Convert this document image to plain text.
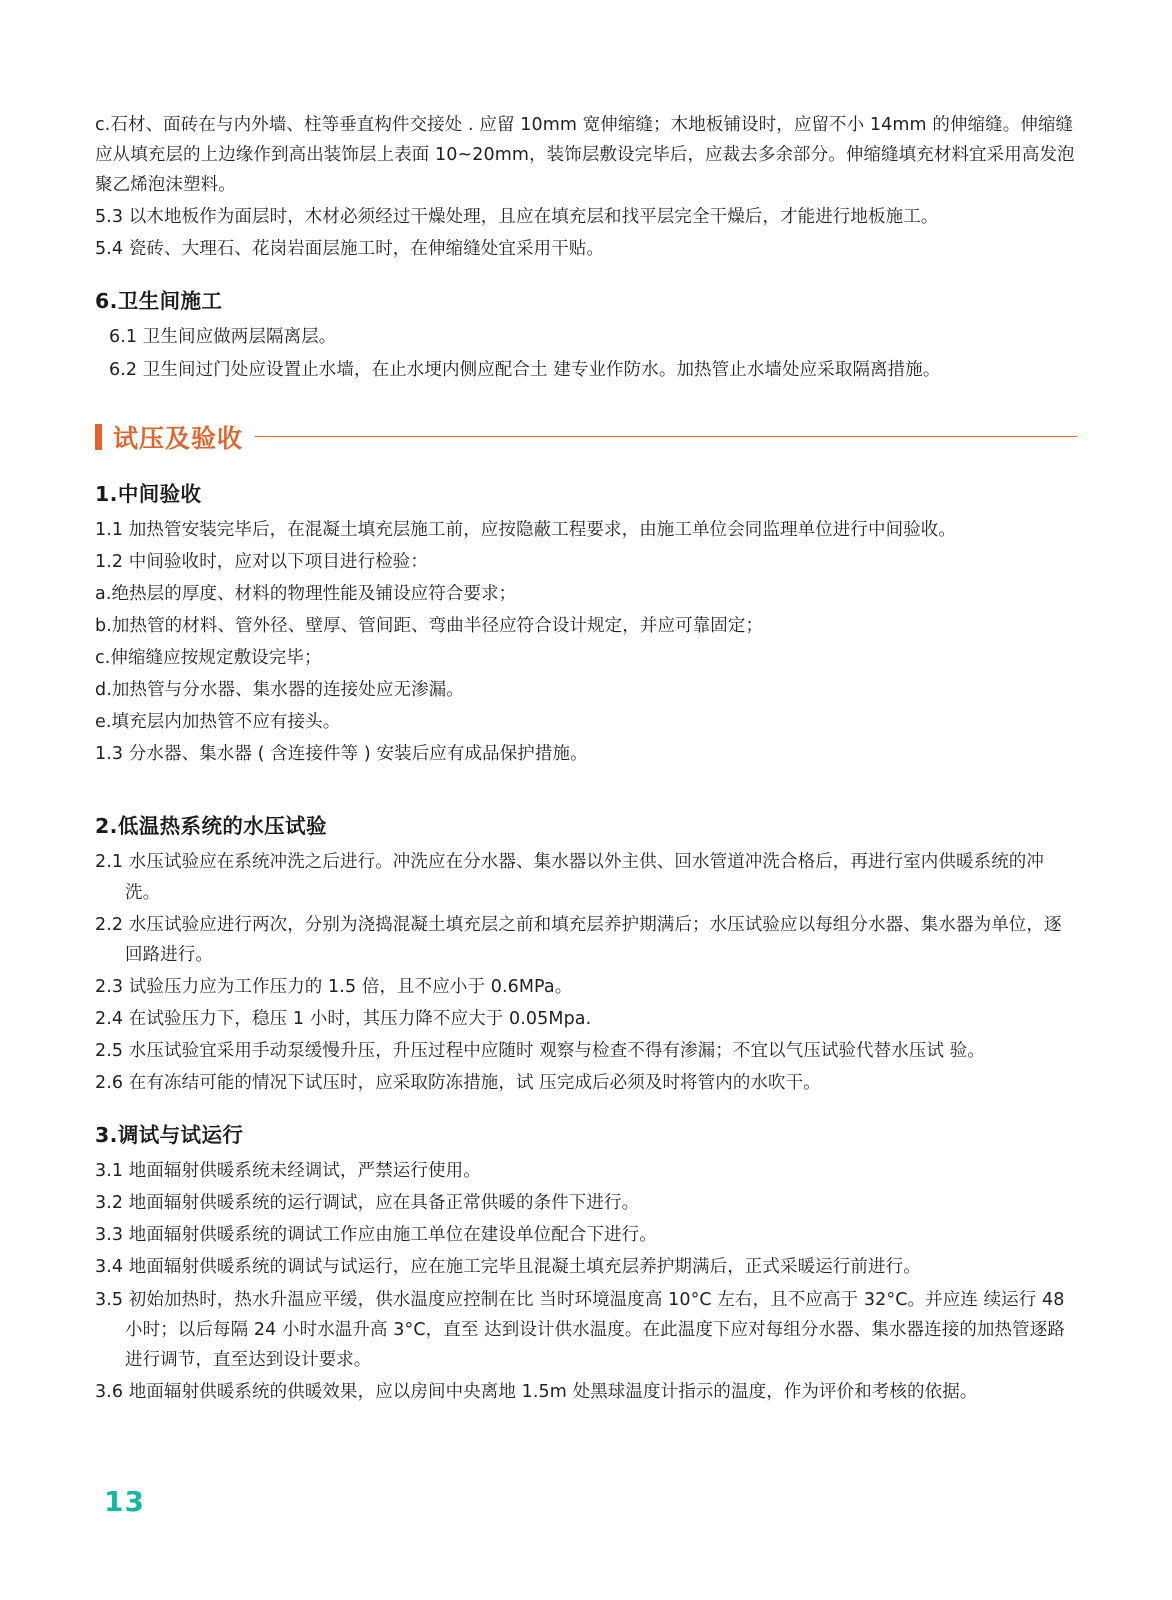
c.石材、面砖在与内外墙、柱等垂直构件交接处 . 应留 10mm 宽伸缩缝；木地板铺设时，应留不小 14mm 的伸缩缝。伸缩缝应从填充层的上边缘作到高出装饰层上表面 10~20mm，装饰层敷设完毕后，应裁去多余部分。伸缩缝填充材料宜采用高发泡聚乙烯泡沫塑料。

5.3 以木地板作为面层时，木材必须经过干燥处理，且应在填充层和找平层完全干燥后，才能进行地板施工。

5.4 瓷砖、大理石、花岗岩面层施工时，在伸缩缝处宜采用干贴。

6.卫生间施工

6.1 卫生间应做两层隔离层。

6.2 卫生间过门处应设置止水墙，在止水埂内侧应配合土 建专业作防水。加热管止水墙处应采取隔离措施。

试压及验收
1.中间验收

1.1 加热管安装完毕后，在混凝土填充层施工前，应按隐蔽工程要求，由施工单位会同监理单位进行中间验收。

1.2 中间验收时，应对以下项目进行检验：

a.绝热层的厚度、材料的物理性能及铺设应符合要求；

b.加热管的材料、管外径、壁厚、管间距、弯曲半径应符合设计规定，并应可靠固定；

c.伸缩缝应按规定敷设完毕；

d.加热管与分水器、集水器的连接处应无渗漏。

e.填充层内加热管不应有接头。

1.3 分水器、集水器 ( 含连接件等 ) 安装后应有成品保护措施。

2.低温热系统的水压试验

2.1 水压试验应在系统冲洗之后进行。冲洗应在分水器、集水器以外主供、回水管道冲洗合格后，再进行室内供暖系统的冲洗。

2.2 水压试验应进行两次，分别为浇捣混凝土填充层之前和填充层养护期满后；水压试验应以每组分水器、集水器为单位，逐回路进行。

2.3 试验压力应为工作压力的 1.5 倍，且不应小于 0.6MPa。

2.4 在试验压力下，稳压 1 小时，其压力降不应大于 0.05Mpa.

2.5 水压试验宜采用手动泵缓慢升压，升压过程中应随时 观察与检查不得有渗漏；不宜以气压试验代替水压试 验。

2.6 在有冻结可能的情况下试压时，应采取防冻措施，试 压完成后必须及时将管内的水吹干。

3.调试与试运行

3.1 地面辐射供暖系统未经调试，严禁运行使用。

3.2 地面辐射供暖系统的运行调试，应在具备正常供暖的条件下进行。

3.3 地面辐射供暖系统的调试工作应由施工单位在建设单位配合下进行。

3.4 地面辐射供暖系统的调试与试运行，应在施工完毕且混凝土填充层养护期满后，正式采暖运行前进行。

3.5 初始加热时，热水升温应平缓，供水温度应控制在比 当时环境温度高 10°C 左右，且不应高于 32°C。并应连 续运行 48 小时；以后每隔 24 小时水温升高 3°C，直至 达到设计供水温度。在此温度下应对每组分水器、集水器连接的加热管逐路进行调节，直至达到设计要求。

3.6 地面辐射供暖系统的供暖效果，应以房间中央离地 1.5m 处黑球温度计指示的温度，作为评价和考核的依据。

13
